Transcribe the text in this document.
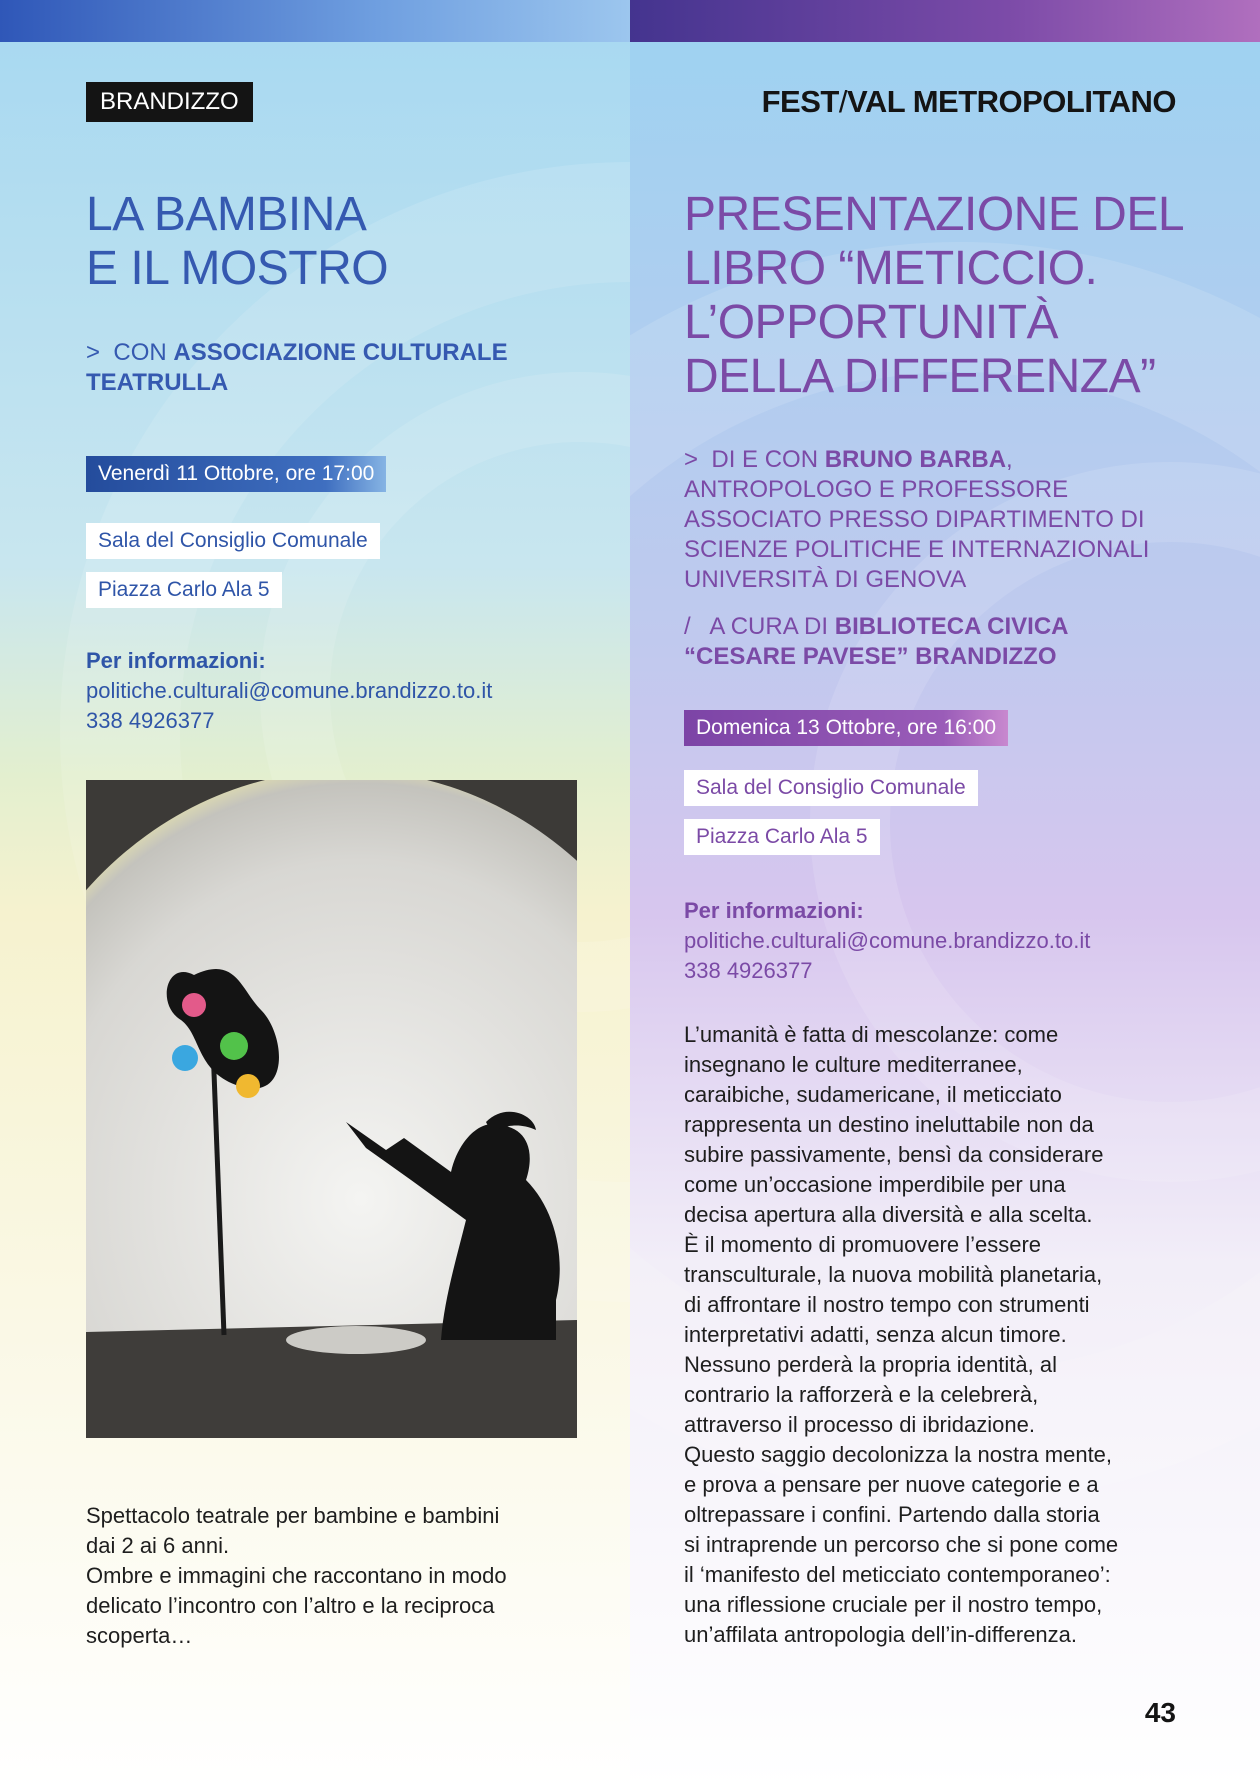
BRANDIZZO	FEST/VAL METROPOLITANO
LA BAMBINA
E IL MOSTRO
> CON ASSOCIAZIONE CULTURALE TEATRULLA
Venerdì 11 Ottobre, ore 17:00
Sala del Consiglio Comunale
Piazza Carlo Ala 5
Per informazioni:
politiche.culturali@comune.brandizzo.to.it
338 4926377

Spettacolo teatrale per bambine e bambini
dai 2 ai 6 anni.
Ombre e immagini che raccontano in modo
delicato l’incontro con l’altro e la reciproca
scoperta…

PRESENTAZIONE DEL
LIBRO “METICCIO.
L’OPPORTUNITÀ
DELLA DIFFERENZA”
> DI E CON BRUNO BARBA, ANTROPOLOGO E PROFESSORE ASSOCIATO PRESSO DIPARTIMENTO DI SCIENZE POLITICHE E INTERNAZIONALI UNIVERSITÀ DI GENOVA
/ A CURA DI BIBLIOTECA CIVICA “CESARE PAVESE” BRANDIZZO
Domenica 13 Ottobre, ore 16:00
Sala del Consiglio Comunale
Piazza Carlo Ala 5
Per informazioni:
politiche.culturali@comune.brandizzo.to.it
338 4926377

L’umanità è fatta di mescolanze: come
insegnano le culture mediterranee,
caraibiche, sudamericane, il meticciato
rappresenta un destino ineluttabile non da
subire passivamente, bensì da considerare
come un’occasione imperdibile per una
decisa apertura alla diversità e alla scelta.
È il momento di promuovere l’essere
transculturale, la nuova mobilità planetaria,
di affrontare il nostro tempo con strumenti
interpretativi adatti, senza alcun timore.
Nessuno perderà la propria identità, al
contrario la rafforzerà e la celebrerà,
attraverso il processo di ibridazione.
Questo saggio decolonizza la nostra mente,
e prova a pensare per nuove categorie e a
oltrepassare i confini. Partendo dalla storia
si intraprende un percorso che si pone come
il ‘manifesto del meticciato contemporaneo’:
una riflessione cruciale per il nostro tempo,
un’affilata antropologia dell’in-differenza.

43
